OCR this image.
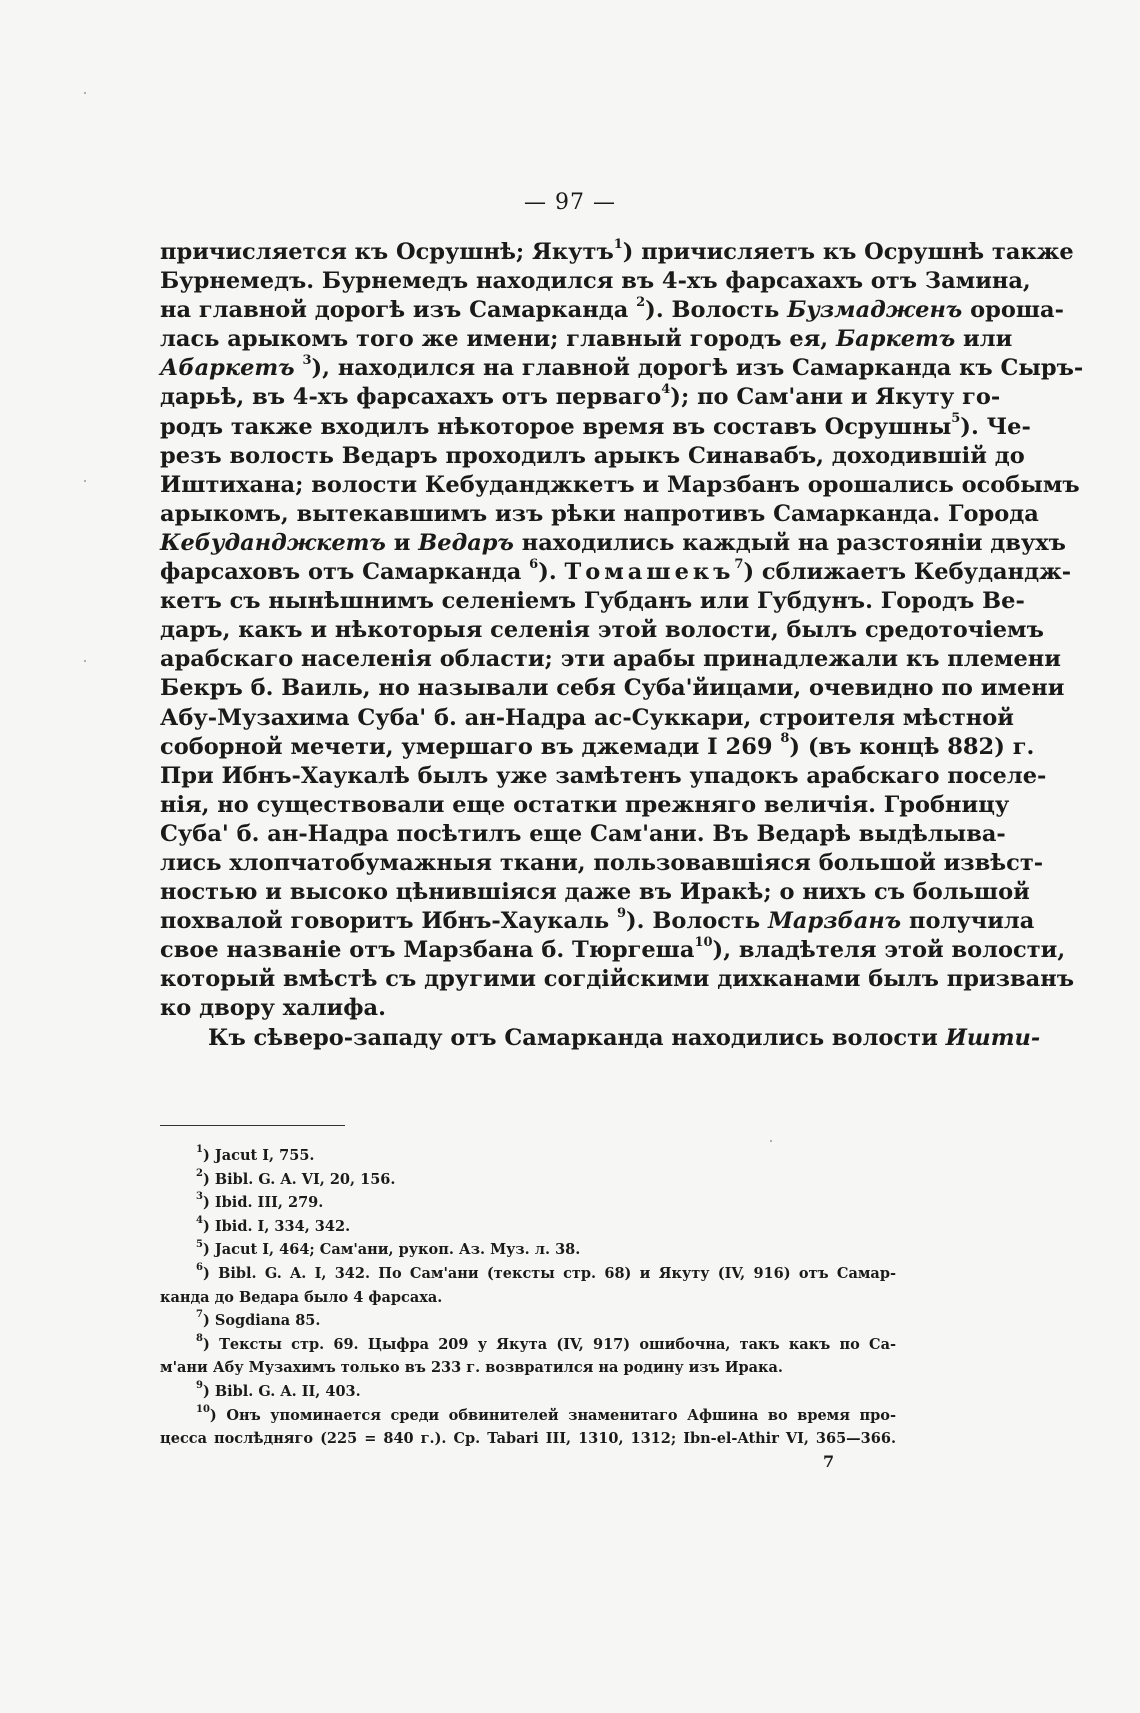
— 97 —

причисляется къ Осрушнѣ; Якутъ$^1$) причисляетъ къ Осрушнѣ также
Бурнемедъ. Бурнемедъ находился въ 4-хъ фарсахахъ отъ Замина,
на главной дорогѣ изъ Самарканда $^2$). Волость Бузмадженъ ороша-
лась арыкомъ того же имени; главный городъ ея, Баркетъ или
Абаркетъ $^3$), находился на главной дорогѣ изъ Самарканда къ Сыръ-
дарьѣ, въ 4-хъ фарсахахъ отъ перваго$^4$); по Сам'ани и Якуту го-
родъ также входилъ нѣкоторое время въ составъ Осрушны$^5$). Че-
резъ волость Ведаръ проходилъ арыкъ Синавабъ, доходившій до
Иштихана; волости Кебуданджкетъ и Марзбанъ орошались особымъ
арыкомъ, вытекавшимъ изъ рѣки напротивъ Самарканда. Города
Кебуданджкетъ и Ведаръ находились каждый на разстояніи двухъ
фарсаховъ отъ Самарканда $^6$). Томашекъ$^7$) сближаетъ Кебудандж-
кетъ съ нынѣшнимъ селеніемъ Губданъ или Губдунъ. Городъ Ве-
даръ, какъ и нѣкоторыя селенія этой волости, былъ средоточіемъ
арабскаго населенія области; эти арабы принадлежали къ племени
Бекръ б. Ваиль, но называли себя Суба'йицами, очевидно по имени
Абу-Музахима Суба' б. ан-Надра ас-Суккари, строителя мѣстной
соборной мечети, умершаго въ джемади I 269 $^8$) (въ концѣ 882) г.
При Ибнъ-Хаукалѣ былъ уже замѣтенъ упадокъ арабскаго поселе-
нія, но существовали еще остатки прежняго величія. Гробницу
Суба' б. ан-Надра посѣтилъ еще Сам'ани. Въ Ведарѣ выдѣлыва-
лись хлопчатобумажныя ткани, пользовавшіяся большой извѣст-
ностью и высоко цѣнившіяся даже въ Иракѣ; о нихъ съ большой
похвалой говоритъ Ибнъ-Хаукаль $^9$). Волость Марзбанъ получила
свое названіе отъ Марзбана б. Тюргеша$^{10}$), владѣтеля этой волости,
который вмѣстѣ съ другими согдійскими дихканами былъ призванъ
ко двору халифа.

Къ сѣверо-западу отъ Самарканда находились волости Ишти-

$^1$) Jacut I, 755.
$^2$) Bibl. G. A. VI, 20, 156.
$^3$) Ibid. III, 279.
$^4$) Ibid. I, 334, 342.
$^5$) Jacut I, 464; Сам'ани, рукоп. Аз. Муз. л. 38.
$^6$) Bibl. G. A. I, 342. По Сам'ани (тексты стр. 68) и Якуту (IV, 916) отъ Самар-
канда до Ведара было 4 фарсаха.
$^7$) Sogdiana 85.
$^8$) Тексты стр. 69. Цыфра 209 у Якута (IV, 917) ошибочна, такъ какъ по Са-
м'ани Абу Музахимъ только въ 233 г. возвратился на родину изъ Ирака.
$^9$) Bibl. G. A. II, 403.
$^{10}$) Онъ упоминается среди обвинителей знаменитаго Афшина во время про-
цесса послѣдняго (225 = 840 г.). Ср. Tabari III, 1310, 1312; Ibn-el-Athir VI, 365—366.
7
